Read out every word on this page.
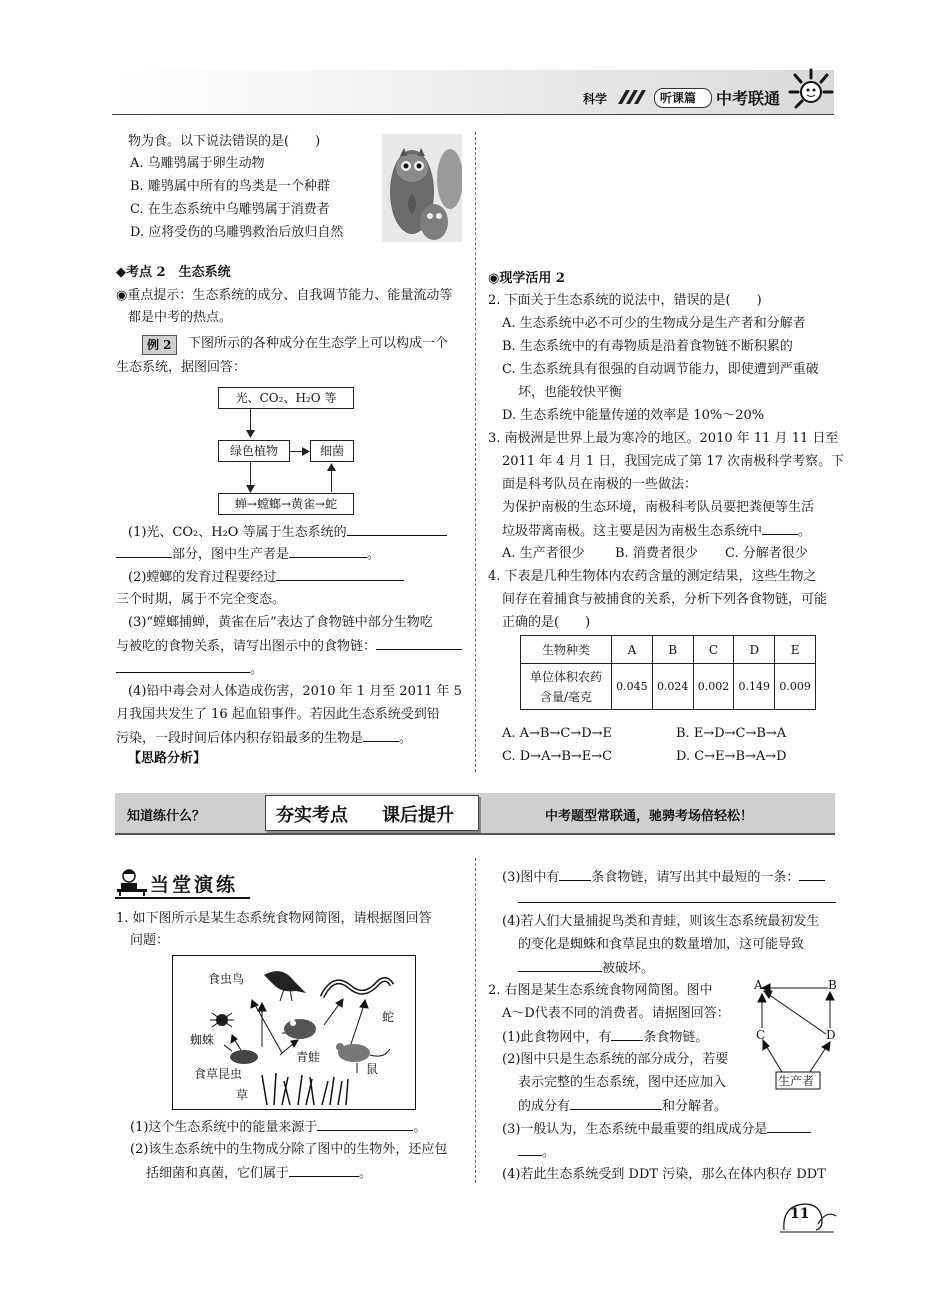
科学	听课篇 中考联通
物为食。以下说法错误的是(　　)
A. 乌雕鸮属于卵生动物
B. 雕鸮属中所有的鸟类是一个种群
C. 在生态系统中乌雕鸮属于消费者
D. 应将受伤的乌雕鸮救治后放归自然
◆考点 2　生态系统
◉重点提示：生态系统的成分、自我调节能力、能量流动等
都是中考的热点。
例 2	下图所示的各种成分在生态学上可以构成一个
生态系统，据图回答：
光、CO₂、H₂O 等
绿色植物	细菌
蝉→螳螂→黄雀→蛇
(1)光、CO₂、H₂O 等属于生态系统的
部分，图中生产者是	。
(2)螳螂的发育过程要经过
三个时期，属于不完全变态。
(3)“螳螂捕蝉，黄雀在后”表达了食物链中部分生物吃
与被吃的食物关系，请写出图示中的食物链：
。
(4)铅中毒会对人体造成伤害，2010 年 1 月至 2011 年 5
月我国共发生了 16 起血铅事件。若因此生态系统受到铅
污染，一段时间后体内积存铅最多的生物是	。
【思路分析】
◉现学活用 2
2. 下面关于生态系统的说法中，错误的是(　　)
A. 生态系统中必不可少的生物成分是生产者和分解者
B. 生态系统中的有毒物质是沿着食物链不断积累的
C. 生态系统具有很强的自动调节能力，即使遭到严重破
坏，也能较快平衡
D. 生态系统中能量传递的效率是 10%～20%
3. 南极洲是世界上最为寒冷的地区。2010 年 11 月 11 日至
2011 年 4 月 1 日，我国完成了第 17 次南极科学考察。下
面是科考队员在南极的一些做法：
为保护南极的生态环境，南极科考队员要把粪便等生活
垃圾带离南极。这主要是因为南极生态系统中	。
A. 生产者很少 B. 消费者很少 C. 分解者很少
4. 下表是几种生物体内农药含量的测定结果，这些生物之
间存在着捕食与被捕食的关系，分析下列各食物链，可能
正确的是(　　)
生物种类	A	B	C	D	E

单位体积农药
含量/毫克	0.045	0.024	0.002	0.149	0.009
A. A→B→C→D→E	B. E→D→C→B→A
C. D→A→B→E→C	D. C→E→B→A→D
知道练什么？	夯实考点 课后提升	中考题型常联通，驰骋考场倍轻松！
当堂演练
1. 如下图所示是某生态系统食物网简图，请根据图回答
问题：
食虫鸟
蛇
蜘蛛
青蛙
食草昆虫	鼠
草
(1)这个生态系统中的能量来源于	。
(2)该生态系统中的生物成分除了图中的生物外，还应包
括细菌和真菌，它们属于	。
(3)图中有 条食物链，请写出其中最短的一条：
(4)若人们大量捕捉鸟类和青蛙，则该生态系统最初发生
的变化是蜘蛛和食草昆虫的数量增加，这可能导致
被破坏。
2. 右图是某生态系统食物网简图。图中
A～D代表不同的消费者。请据图回答：
(1)此食物网中，有 条食物链。
(2)图中只是生态系统的部分成分，若要
表示完整的生态系统，图中还应加入
的成分有	和分解者。
(3)一般认为，生态系统中最重要的组成成分是
。
(4)若此生态系统受到 DDT 污染，那么在体内积存 DDT
A	B
C	D
生产者
11
